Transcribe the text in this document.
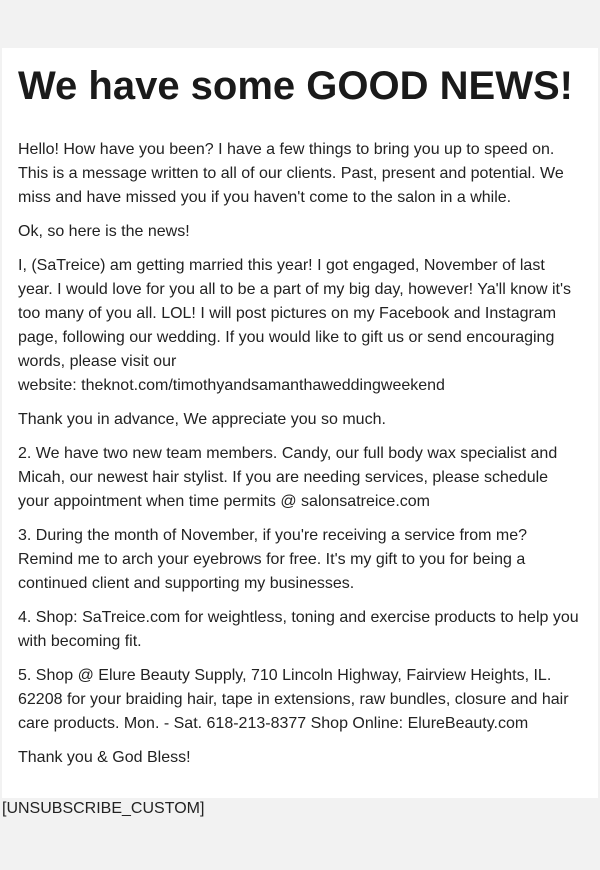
We have some GOOD NEWS!

Hello! How have you been? I have a few things to bring you up to speed on. This is a message written to all of our clients. Past, present and potential. We miss and have missed you if you haven't come to the salon in a while.

Ok, so here is the news!

I, (SaTreice) am getting married this year! I got engaged, November of last year. I would love for you all to be a part of my big day, however! Ya'll know it's too many of you all. LOL! I will post pictures on my Facebook and Instagram page, following our wedding. If you would like to gift us or send encouraging words, please visit our
website: theknot.com/timothyandsamanthaweddingweekend

Thank you in advance, We appreciate you so much.

2. We have two new team members. Candy, our full body wax specialist and Micah, our newest hair stylist. If you are needing services, please schedule your appointment when time permits @ salonsatreice.com

3. During the month of November, if you're receiving a service from me? Remind me to arch your eyebrows for free. It's my gift to you for being a continued client and supporting my businesses.

4. Shop: SaTreice.com for weightless, toning and exercise products to help you with becoming fit.

5. Shop @ Elure Beauty Supply, 710 Lincoln Highway, Fairview Heights, IL. 62208 for your braiding hair, tape in extensions, raw bundles, closure and hair care products. Mon. - Sat. 618-213-8377 Shop Online: ElureBeauty.com

Thank you & God Bless!

[UNSUBSCRIBE_CUSTOM]
